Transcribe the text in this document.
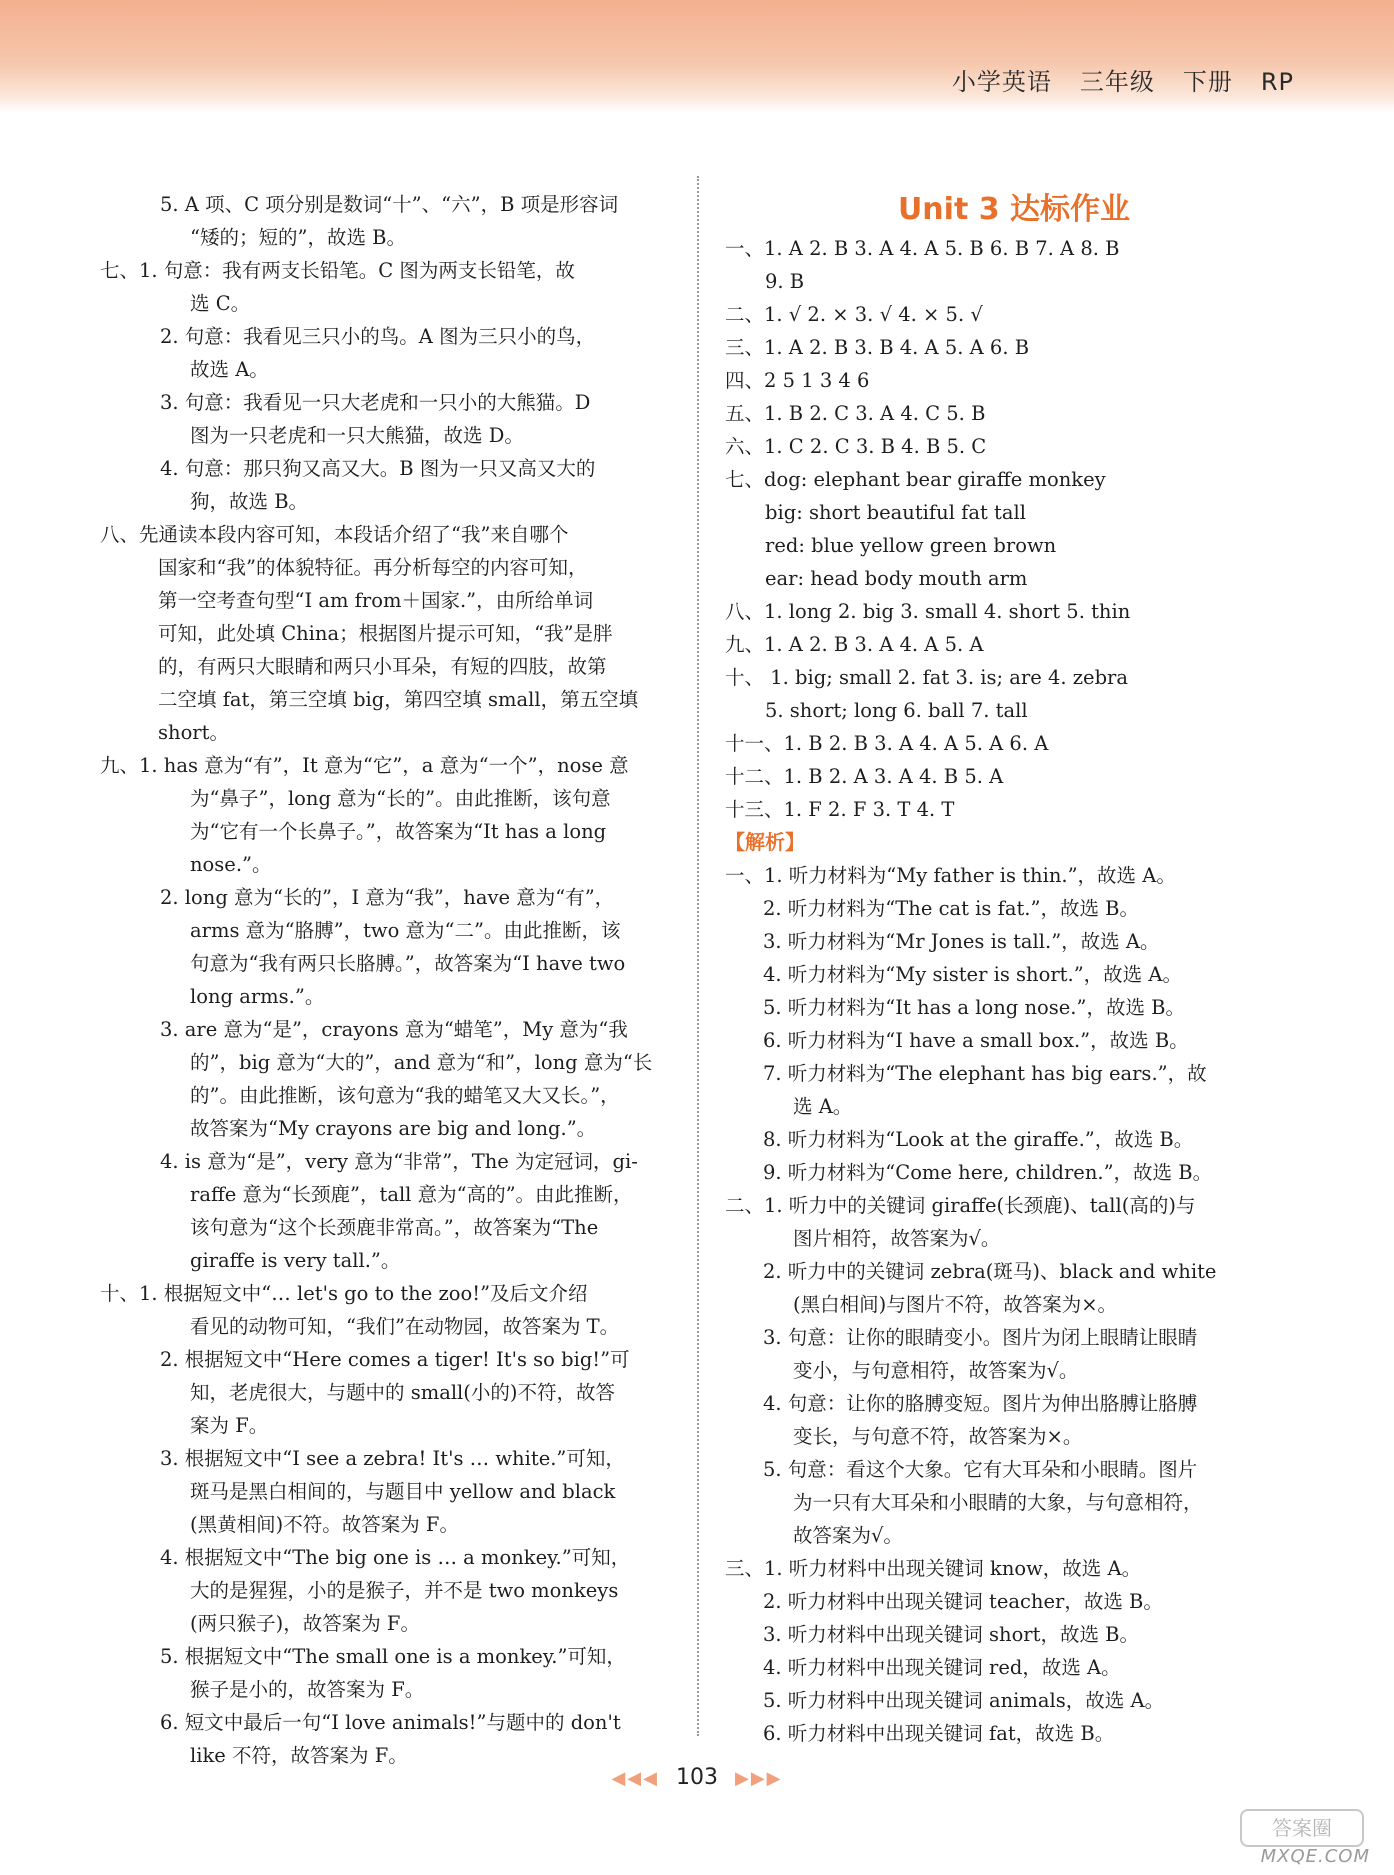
小学英语 三年级 下册 RP
5. A 项、C 项分别是数词“十”、“六”，B 项是形容词
“矮的；短的”，故选 B。
七、1. 句意：我有两支长铅笔。C 图为两支长铅笔，故
选 C。
2. 句意：我看见三只小的鸟。A 图为三只小的鸟，
故选 A。
3. 句意：我看见一只大老虎和一只小的大熊猫。D
图为一只老虎和一只大熊猫，故选 D。
4. 句意：那只狗又高又大。B 图为一只又高又大的
狗，故选 B。
八、先通读本段内容可知，本段话介绍了“我”来自哪个
国家和“我”的体貌特征。再分析每空的内容可知，
第一空考查句型“I am from＋国家.”，由所给单词
可知，此处填 China；根据图片提示可知，“我”是胖
的，有两只大眼睛和两只小耳朵，有短的四肢，故第
二空填 fat，第三空填 big，第四空填 small，第五空填
short。
九、1. has 意为“有”，It 意为“它”，a 意为“一个”，nose 意
为“鼻子”，long 意为“长的”。由此推断，该句意
为“它有一个长鼻子。”，故答案为“It has a long
nose.”。
2. long 意为“长的”，I 意为“我”，have 意为“有”，
arms 意为“胳膊”，two 意为“二”。由此推断，该
句意为“我有两只长胳膊。”，故答案为“I have two
long arms.”。
3. are 意为“是”，crayons 意为“蜡笔”，My 意为“我
的”，big 意为“大的”，and 意为“和”，long 意为“长
的”。由此推断，该句意为“我的蜡笔又大又长。”，
故答案为“My crayons are big and long.”。
4. is 意为“是”，very 意为“非常”，The 为定冠词，gi-
raffe 意为“长颈鹿”，tall 意为“高的”。由此推断，
该句意为“这个长颈鹿非常高。”，故答案为“The
giraffe is very tall.”。
十、1. 根据短文中“… let's go to the zoo!”及后文介绍
看见的动物可知，“我们”在动物园，故答案为 T。
2. 根据短文中“Here comes a tiger! It's so big!”可
知，老虎很大，与题中的 small(小的)不符，故答
案为 F。
3. 根据短文中“I see a zebra! It's … white.”可知，
斑马是黑白相间的，与题目中 yellow and black
(黑黄相间)不符。故答案为 F。
4. 根据短文中“The big one is … a monkey.”可知，
大的是猩猩，小的是猴子，并不是 two monkeys
(两只猴子)，故答案为 F。
5. 根据短文中“The small one is a monkey.”可知，
猴子是小的，故答案为 F。
6. 短文中最后一句“I love animals!”与题中的 don't
like 不符，故答案为 F。
Unit 3 达标作业
一、1. A 2. B 3. A 4. A 5. B 6. B 7. A 8. B
9. B
二、1. √ 2. × 3. √ 4. × 5. √
三、1. A 2. B 3. B 4. A 5. A 6. B
四、2 5 1 3 4 6
五、1. B 2. C 3. A 4. C 5. B
六、1. C 2. C 3. B 4. B 5. C
七、dog: elephant bear giraffe monkey
big: short beautiful fat tall
red: blue yellow green brown
ear: head body mouth arm
八、1. long 2. big 3. small 4. short 5. thin
九、1. A 2. B 3. A 4. A 5. A
十、 1. big; small 2. fat 3. is; are 4. zebra
5. short; long 6. ball 7. tall
十一、1. B 2. B 3. A 4. A 5. A 6. A
十二、1. B 2. A 3. A 4. B 5. A
十三、1. F 2. F 3. T 4. T
【解析】
一、1. 听力材料为“My father is thin.”，故选 A。
2. 听力材料为“The cat is fat.”，故选 B。
3. 听力材料为“Mr Jones is tall.”，故选 A。
4. 听力材料为“My sister is short.”，故选 A。
5. 听力材料为“It has a long nose.”，故选 B。
6. 听力材料为“I have a small box.”，故选 B。
7. 听力材料为“The elephant has big ears.”，故
选 A。
8. 听力材料为“Look at the giraffe.”，故选 B。
9. 听力材料为“Come here, children.”，故选 B。
二、1. 听力中的关键词 giraffe(长颈鹿)、tall(高的)与
图片相符，故答案为√。
2. 听力中的关键词 zebra(斑马)、black and white
(黑白相间)与图片不符，故答案为×。
3. 句意：让你的眼睛变小。图片为闭上眼睛让眼睛
变小，与句意相符，故答案为√。
4. 句意：让你的胳膊变短。图片为伸出胳膊让胳膊
变长，与句意不符，故答案为×。
5. 句意：看这个大象。它有大耳朵和小眼睛。图片
为一只有大耳朵和小眼睛的大象，与句意相符，
故答案为√。
三、1. 听力材料中出现关键词 know，故选 A。
2. 听力材料中出现关键词 teacher，故选 B。
3. 听力材料中出现关键词 short，故选 B。
4. 听力材料中出现关键词 red，故选 A。
5. 听力材料中出现关键词 animals，故选 A。
6. 听力材料中出现关键词 fat，故选 B。
◀◀◀ 103 ▶▶▶
答案圈
MXQE.COM
